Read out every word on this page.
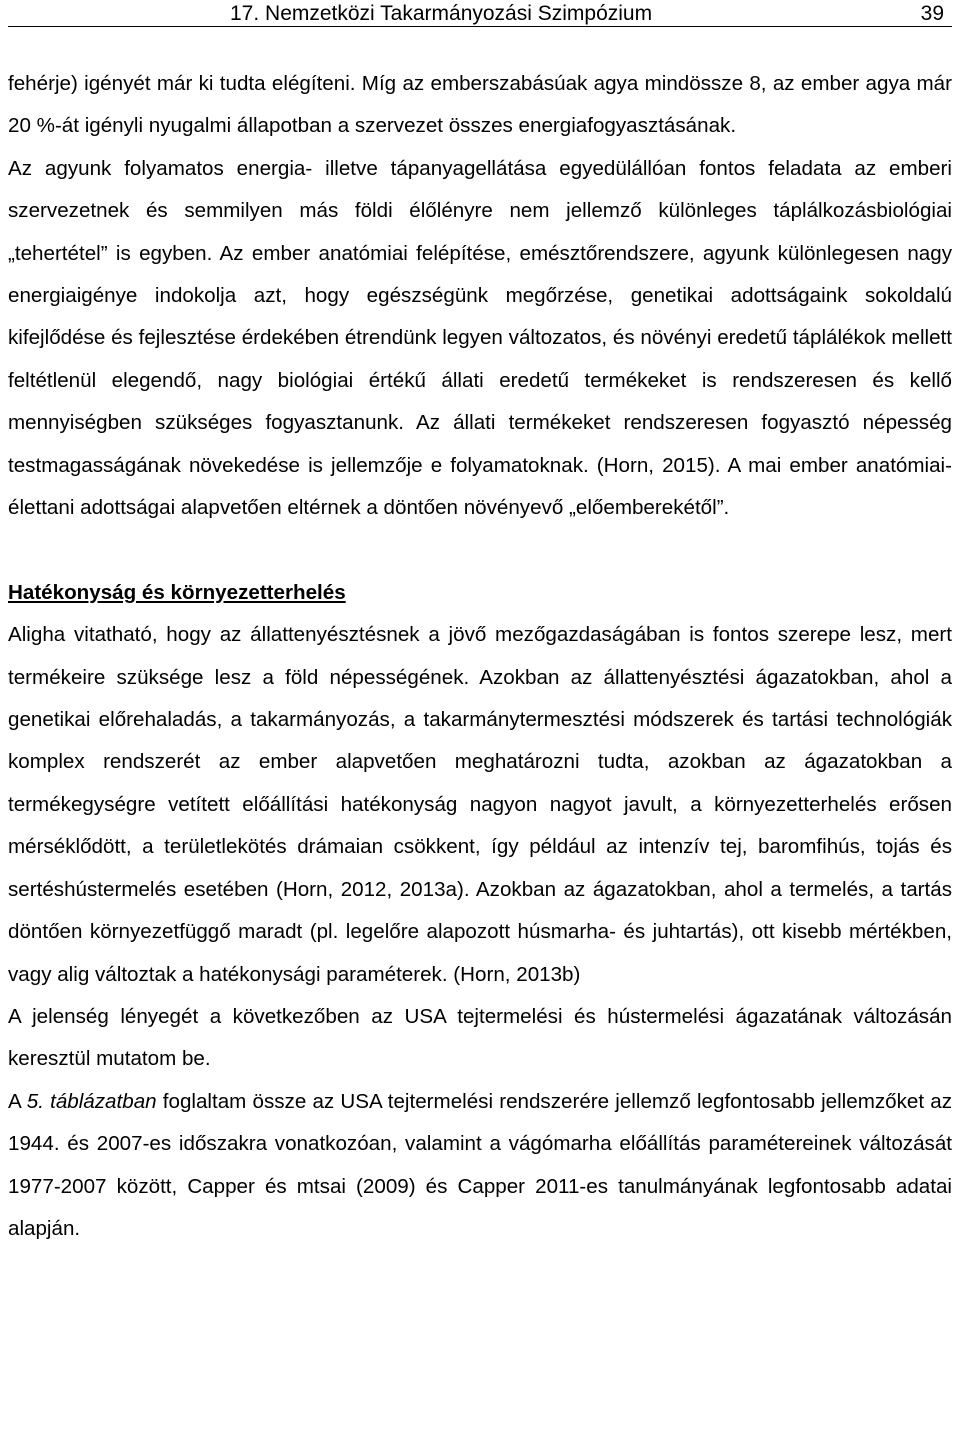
17. Nemzetközi Takarmányozási Szimpózium	39

fehérje) igényét már ki tudta elégíteni. Míg az emberszabásúak agya mindössze 8, az ember agya már 20 %-át igényli nyugalmi állapotban a szervezet összes energiafogyasztásának.

Az agyunk folyamatos energia- illetve tápanyagellátása egyedülállóan fontos feladata az emberi szervezetnek és semmilyen más földi élőlényre nem jellemző különleges táplálkozásbiológiai „tehertétel” is egyben. Az ember anatómiai felépítése, emésztőrendszere, agyunk különlegesen nagy energiaigénye indokolja azt, hogy egészségünk megőrzése, genetikai adottságaink sokoldalú kifejlődése és fejlesztése érdekében étrendünk legyen változatos, és növényi eredetű táplálékok mellett feltétlenül elegendő, nagy biológiai értékű állati eredetű termékeket is rendszeresen és kellő mennyiségben szükséges fogyasztanunk. Az állati termékeket rendszeresen fogyasztó népesség testmagasságának növekedése is jellemzője e folyamatoknak. (Horn, 2015). A mai ember anatómiai-élettani adottságai alapvetően eltérnek a döntően növényevő „előemberekétől”.

Hatékonyság és környezetterhelés

Aligha vitatható, hogy az állattenyésztésnek a jövő mezőgazdaságában is fontos szerepe lesz, mert termékeire szüksége lesz a föld népességének. Azokban az állattenyésztési ágazatokban, ahol a genetikai előrehaladás, a takarmányozás, a takarmánytermesztési módszerek és tartási technológiák komplex rendszerét az ember alapvetően meghatározni tudta, azokban az ágazatokban a termékegységre vetített előállítási hatékonyság nagyon nagyot javult, a környezetterhelés erősen mérséklődött, a területlekötés drámaian csökkent, így például az intenzív tej, baromfihús, tojás és sertéshústermelés esetében (Horn, 2012, 2013a). Azokban az ágazatokban, ahol a termelés, a tartás döntően környezetfüggő maradt (pl. legelőre alapozott húsmarha- és juhtartás), ott kisebb mértékben, vagy alig változtak a hatékonysági paraméterek. (Horn, 2013b)

A jelenség lényegét a következőben az USA tejtermelési és hústermelési ágazatának változásán keresztül mutatom be.

A 5. táblázatban foglaltam össze az USA tejtermelési rendszerére jellemző legfontosabb jellemzőket az 1944. és 2007-es időszakra vonatkozóan, valamint a vágómarha előállítás paramétereinek változását 1977-2007 között, Capper és mtsai (2009) és Capper 2011-es tanulmányának legfontosabb adatai alapján.
